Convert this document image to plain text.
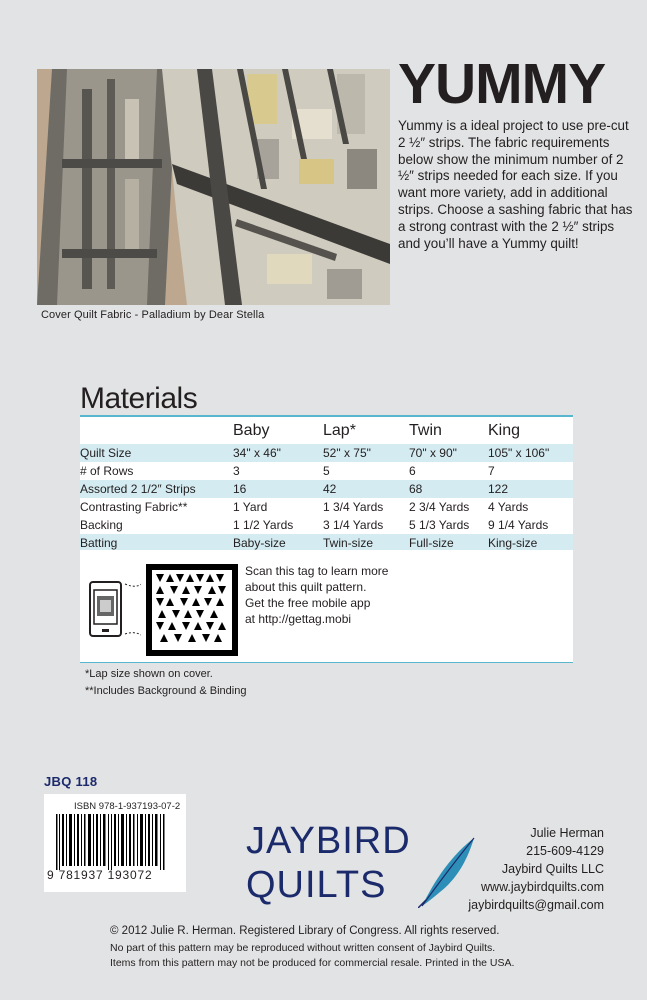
Cover Quilt Fabric - Palladium by Dear Stella
YUMMY
Yummy is a ideal project to use pre-cut 2 ½″ strips. The fabric requirements below show the minimum number of 2 ½″ strips needed for each size. If you want more variety, add in additional strips. Choose a sashing fabric that has a strong contrast with the 2 ½″ strips and you’ll have a Yummy quilt!
Materials
	Baby	Lap*	Twin	King
Quilt Size	34" x 46"	52" x 75"	70" x 90"	105" x 106"
# of Rows	3	5	6	7
Assorted 2 1/2″ Strips	16	42	68	122
Contrasting Fabric**	1 Yard	1 3/4 Yards	2 3/4 Yards	4 Yards
Backing	1 1/2 Yards	3 1/4 Yards	5 1/3 Yards	9 1/4 Yards
Batting	Baby-size	Twin-size	Full-size	King-size
Scan this tag to learn more
about this quilt pattern.
Get the free mobile app
at http://gettag.mobi
*Lap size shown on cover.
**Includes Background & Binding
JBQ 118
ISBN 978-1-937193-07-2
9 781937 193072
JAYBIRD
QUILTS
Julie Herman
215-609-4129
Jaybird Quilts LLC
www.jaybirdquilts.com
jaybirdquilts@gmail.com
© 2012 Julie R. Herman. Registered Library of Congress. All rights reserved.
No part of this pattern may be reproduced without written consent of Jaybird Quilts.
Items from this pattern may not be produced for commercial resale. Printed in the USA.
